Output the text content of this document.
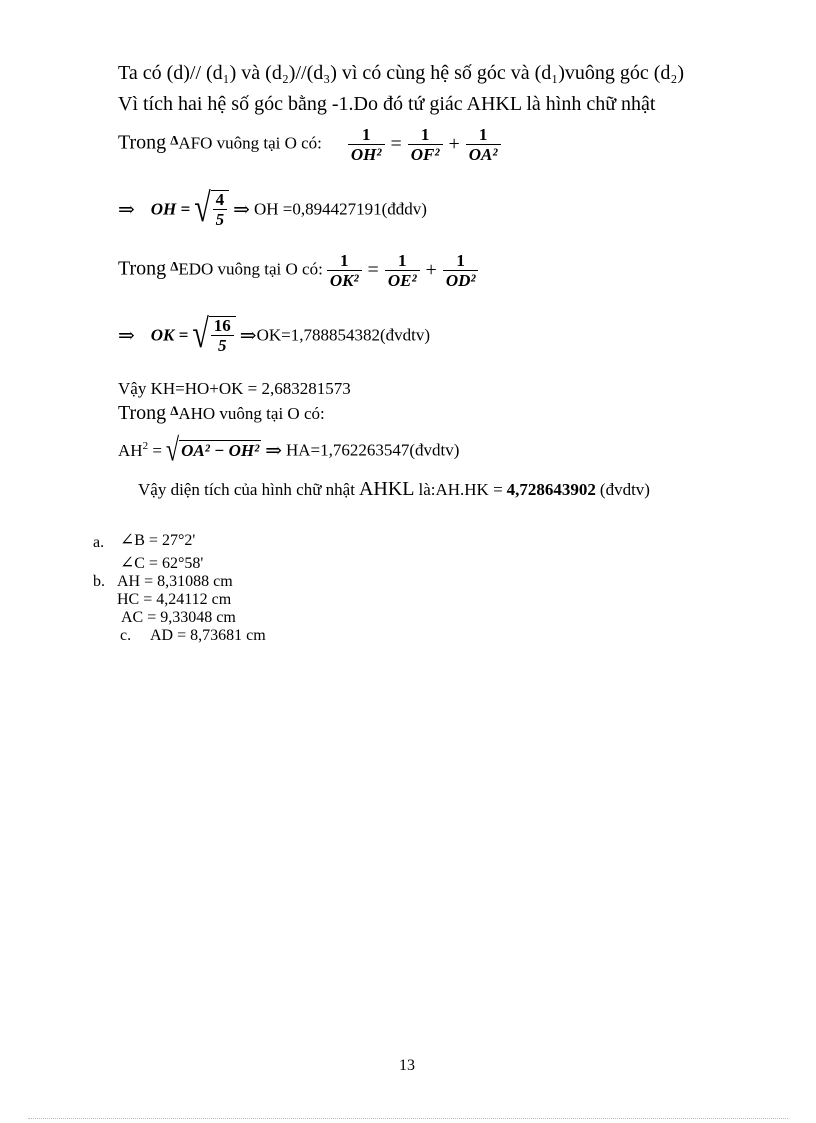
Ta có (d)// (d₁) và (d₂)//(d₃) vì có cùng hệ số góc và (d₁)vuông góc (d₂)
Vì tích hai hệ số góc bằng -1.Do đó tứ giác AHKL là hình chữ nhật
Trong $^\Delta$AFO vuông tại O có: $\frac{1}{\text{OH²}} = \frac{1}{\text{OF²}} + \frac{1}{\text{OA²}}$
⇒ OH = √ $\frac{4}{5}$ ⇒ OH =0,894427191(đđdv)
Trong $^\Delta$EDO vuông tại O có: $\frac{1}{\text{OK²}} = \frac{1}{\text{OE²}} + \frac{1}{\text{OD²}}$
⇒ OK = √ $\frac{16}{5}$ ⇒OK=1,788854382(đvdtv)
Vậy KH=HO+OK = 2,683281573
Trong $^\Delta$AHO vuông tại O có:
$AH^2$ = √ OA² − OH² ⇒ HA=1,762263547(đvdtv)
Vậy diện tích của hình chữ nhật AHKL là:AH.HK = 4,728643902 (đvdtv)
a. ∠B = 27°2'
∠C = 62°58'
b. AH = 8,31088 cm
HC = 4,24112 cm
AC = 9,33048 cm
c. AD = 8,73681 cm
13
